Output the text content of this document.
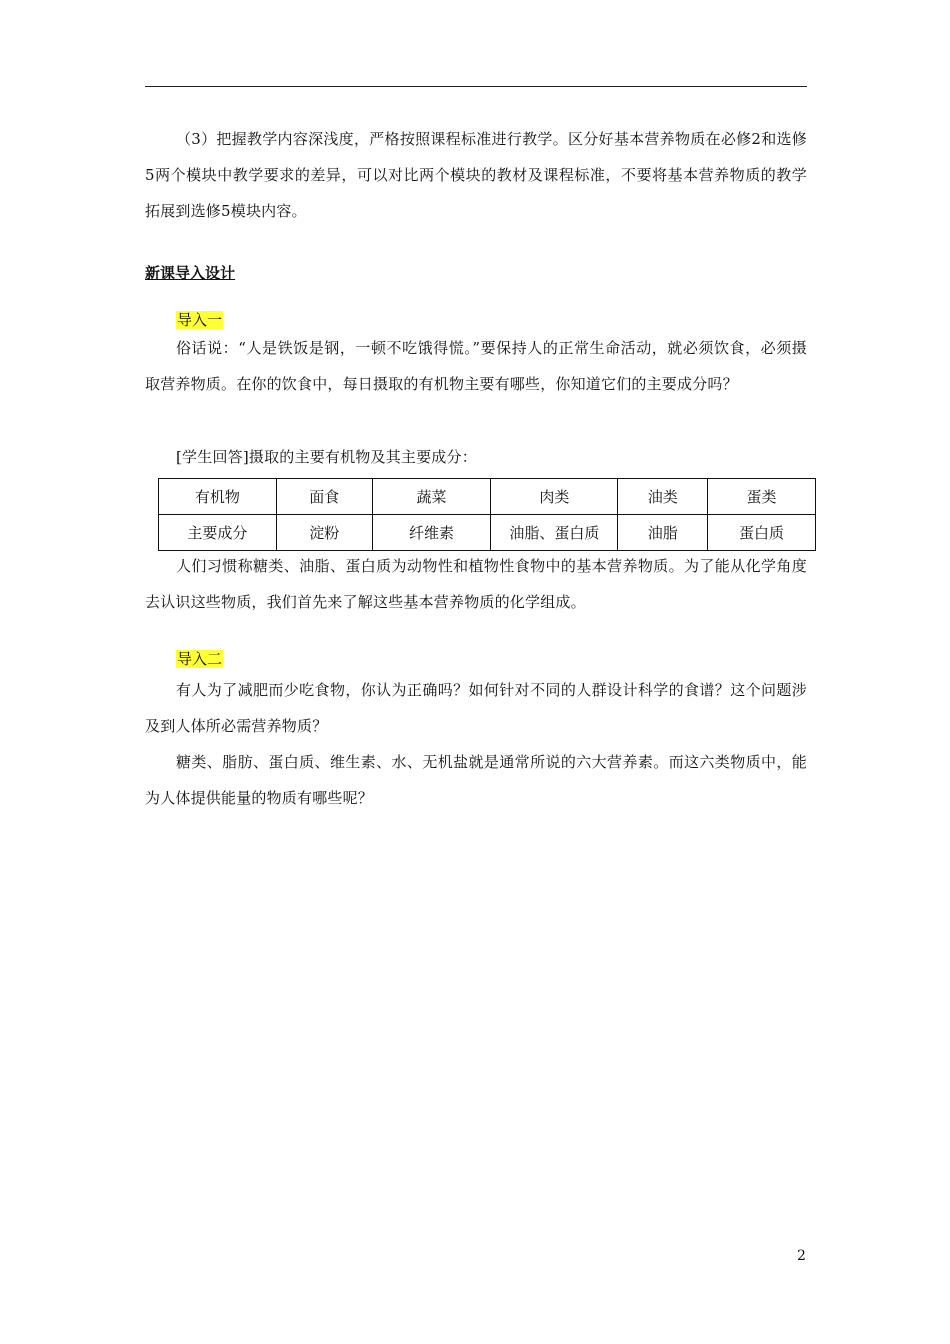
（3）把握教学内容深浅度，严格按照课程标准进行教学。区分好基本营养物质在必修2和选修5两个模块中教学要求的差异，可以对比两个模块的教材及课程标准，不要将基本营养物质的教学拓展到选修5模块内容。

新课导入设计

导入一

俗话说：“人是铁饭是钢，一顿不吃饿得慌。”要保持人的正常生命活动，就必须饮食，必须摄取营养物质。在你的饮食中，每日摄取的有机物主要有哪些，你知道它们的主要成分吗？

[学生回答]摄取的主要有机物及其主要成分：

有机物	面食	蔬菜	肉类	油类	蛋类
主要成分	淀粉	纤维素	油脂、蛋白质	油脂	蛋白质

人们习惯称糖类、油脂、蛋白质为动物性和植物性食物中的基本营养物质。为了能从化学角度去认识这些物质，我们首先来了解这些基本营养物质的化学组成。

导入二

有人为了减肥而少吃食物，你认为正确吗？如何针对不同的人群设计科学的食谱？这个问题涉及到人体所必需营养物质？

糖类、脂肪、蛋白质、维生素、水、无机盐就是通常所说的六大营养素。而这六类物质中，能为人体提供能量的物质有哪些呢？

2
